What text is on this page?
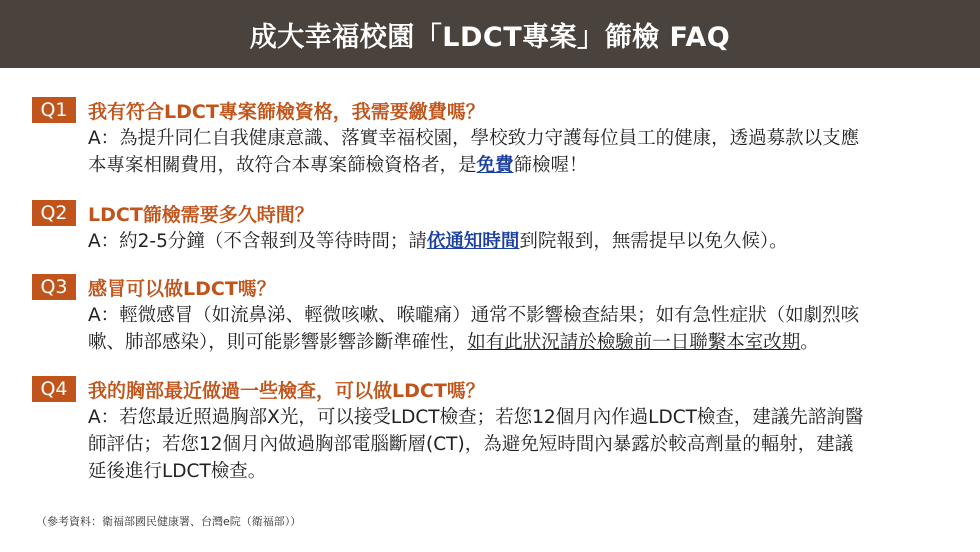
成大幸福校園「LDCT專案」篩檢 FAQ
Q1	我有符合LDCT專案篩檢資格，我需要繳費嗎？
A：為提升同仁自我健康意識、落實幸福校園，學校致力守護每位員工的健康，透過募款以支應
本專案相關費用，故符合本專案篩檢資格者，是免費篩檢喔！
Q2	LDCT篩檢需要多久時間？
A：約2-5分鐘（不含報到及等待時間；請依通知時間到院報到，無需提早以免久候）。
Q3	感冒可以做LDCT嗎？
A：輕微感冒（如流鼻涕、輕微咳嗽、喉嚨痛）通常不影響檢查結果；如有急性症狀（如劇烈咳
嗽、肺部感染），則可能影響影響診斷準確性，如有此狀況請於檢驗前一日聯繫本室改期。
Q4	我的胸部最近做過一些檢查，可以做LDCT嗎？
A：若您最近照過胸部X光，可以接受LDCT檢查；若您12個月內作過LDCT檢查，建議先諮詢醫
師評估；若您12個月內做過胸部電腦斷層(CT)，為避免短時間內暴露於較高劑量的輻射，建議
延後進行LDCT檢查。
（參考資料：衛福部國民健康署、台灣e院（衛福部））
